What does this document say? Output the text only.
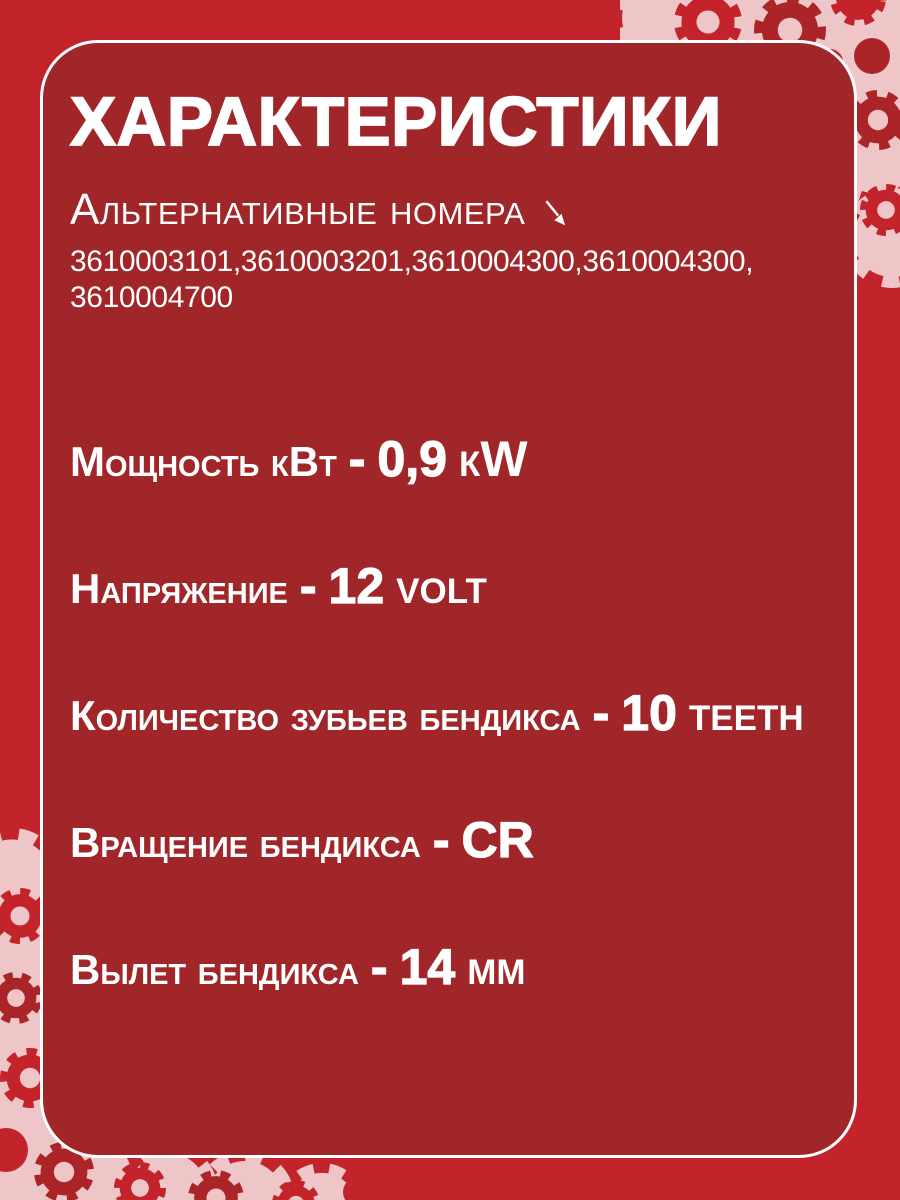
ХАРАКТЕРИСТИКИ
Альтернативные номера
3610003101,3610003201,3610004300,3610004300,
3610004700
Мощность кВт - 0,9 кW
Напряжение - 12 volt
Количество зубьев бендикса - 10 teeth
Вращение бендикса - CR
Вылет бендикса - 14 мм
